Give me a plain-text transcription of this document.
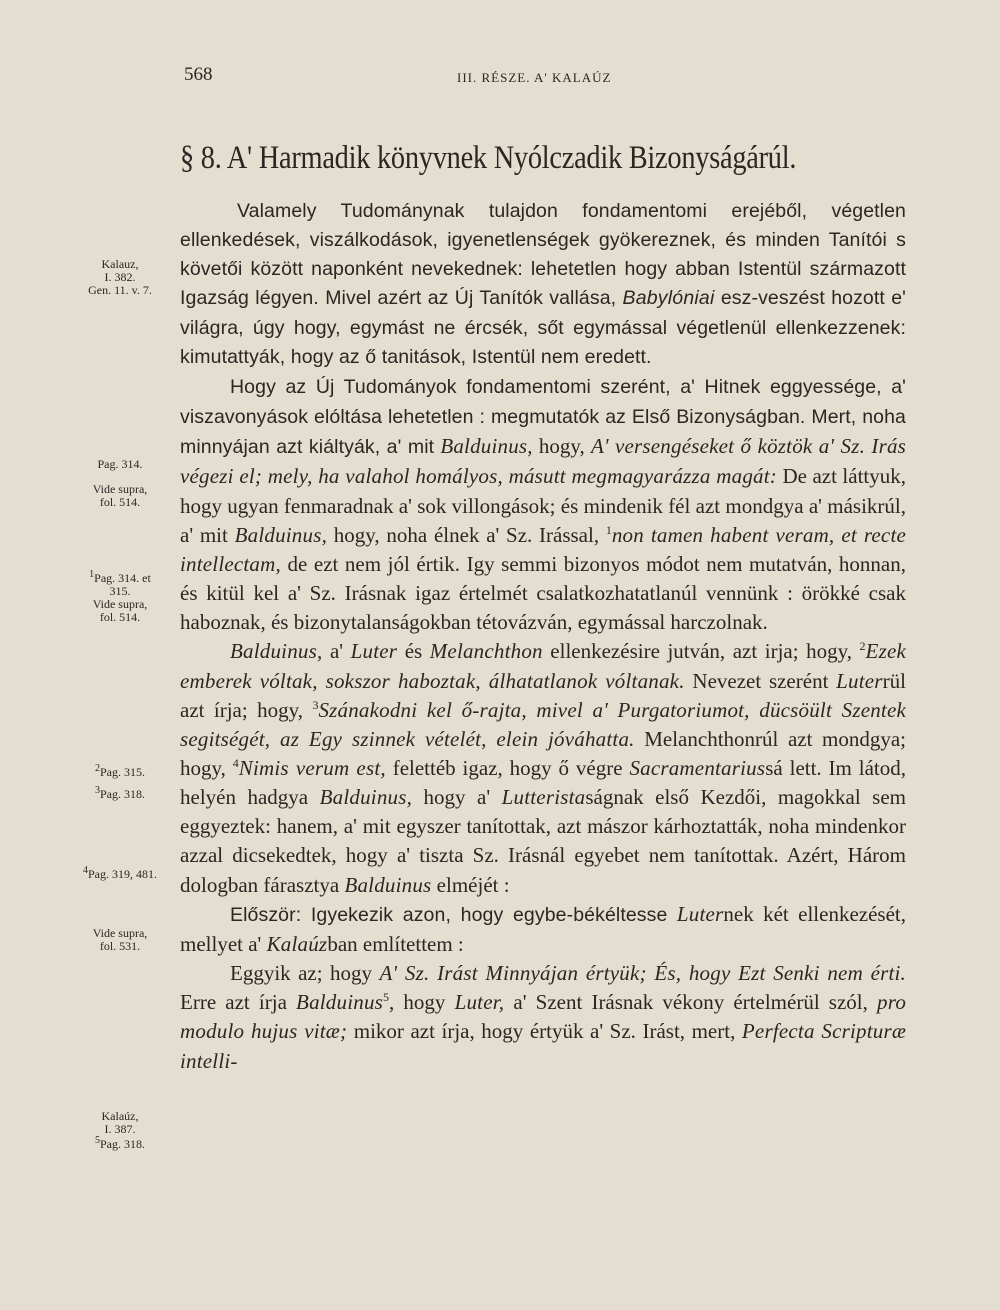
568	III. RÉSZE. A' KALAÚZ
§ 8. A' Harmadik könyvnek Nyólczadik Bizonyságárúl.
Kalauz,
I. 382.
Gen. 11. v. 7.
Pag. 314.
Vide supra,
fol. 514.
$^1$Pag. 314. et
315.
Vide supra,
fol. 514.
$^2$Pag. 315.
$^3$Pag. 318.
$^4$Pag. 319, 481.
Vide supra,
fol. 531.
Kalaúz,
I. 387.
$^5$Pag. 318.

Valamely Tudománynak tulajdon fondamentomi erejéből, végetlen ellenkedések, viszálkodások, igyenetlenségek gyökereznek, és minden Tanítói s követői között naponként nevekednek: lehetetlen hogy abban Istentül származott Igazság légyen. Mivel azért az Új Tanítók vallása, Babylóniai esz-veszést hozott e' világra, úgy hogy, egymást ne ércsék, sőt egymással végetlenül ellenkezzenek: kimutattyák, hogy az ő tanitások, Istentül nem eredett.

Hogy az Új Tudományok fondamentomi szerént, a' Hitnek eggyessége, a' viszavonyások elóltása lehetetlen : megmutatók az Első Bizonyságban. Mert, noha minnyájan azt kiáltyák, a' mit Balduinus, hogy, A' versengéseket ő köztök a' Sz. Irás végezi el; mely, ha valahol homályos, másutt megmagyarázza magát: De azt láttyuk, hogy ugyan fenmaradnak a' sok villongások; és mindenik fél azt mondgya a' másikrúl, a' mit Balduinus, hogy, noha élnek a' Sz. Irással, $^1$non tamen habent veram, et recte intellectam, de ezt nem jól értik. Igy semmi bizonyos módot nem mutatván, honnan, és kitül kel a' Sz. Irásnak igaz értelmét csalatkozhatatlanúl vennünk : örökké csak haboznak, és bizonytalanságokban tétovázván, egymással harczolnak.

Balduinus, a' Luter és Melanchthon ellenkezésire jutván, azt irja; hogy, $^2$Ezek emberek vóltak, sokszor haboztak, álhatatlanok vóltanak. Nevezet szerént Luterrül azt írja; hogy, $^3$Szánakodni kel ő-rajta, mivel a' Purgatoriumot, dücsöült Szentek segitségét, az Egy szinnek vételét, elein jóváhatta. Melanchthonrúl azt mondgya; hogy, $^4$Nimis verum est, felettéb igaz, hogy ő végre Sacramentariussá lett. Im látod, helyén hadgya Balduinus, hogy a' Lutteristaságnak első Kezdői, magokkal sem eggyeztek: hanem, a' mit egyszer tanítottak, azt mászor kárhoztatták, noha mindenkor azzal dicsekedtek, hogy a' tiszta Sz. Irásnál egyebet nem tanítottak. Azért, Három dologban fárasztya Balduinus elméjét :

Először: Igyekezik azon, hogy egybe-békéltesse Luternek két ellenkezését, mellyet a' Kalaúzban említettem :

Eggyik az; hogy A' Sz. Irást Minnyájan értyük; És, hogy Ezt Senki nem érti. Erre azt írja Balduinus$^5$, hogy Luter, a' Szent Irásnak vékony értelmérül szól, pro modulo hujus vitæ; mikor azt írja, hogy értyük a' Sz. Irást, mert, Perfecta Scripturæ intelli-
